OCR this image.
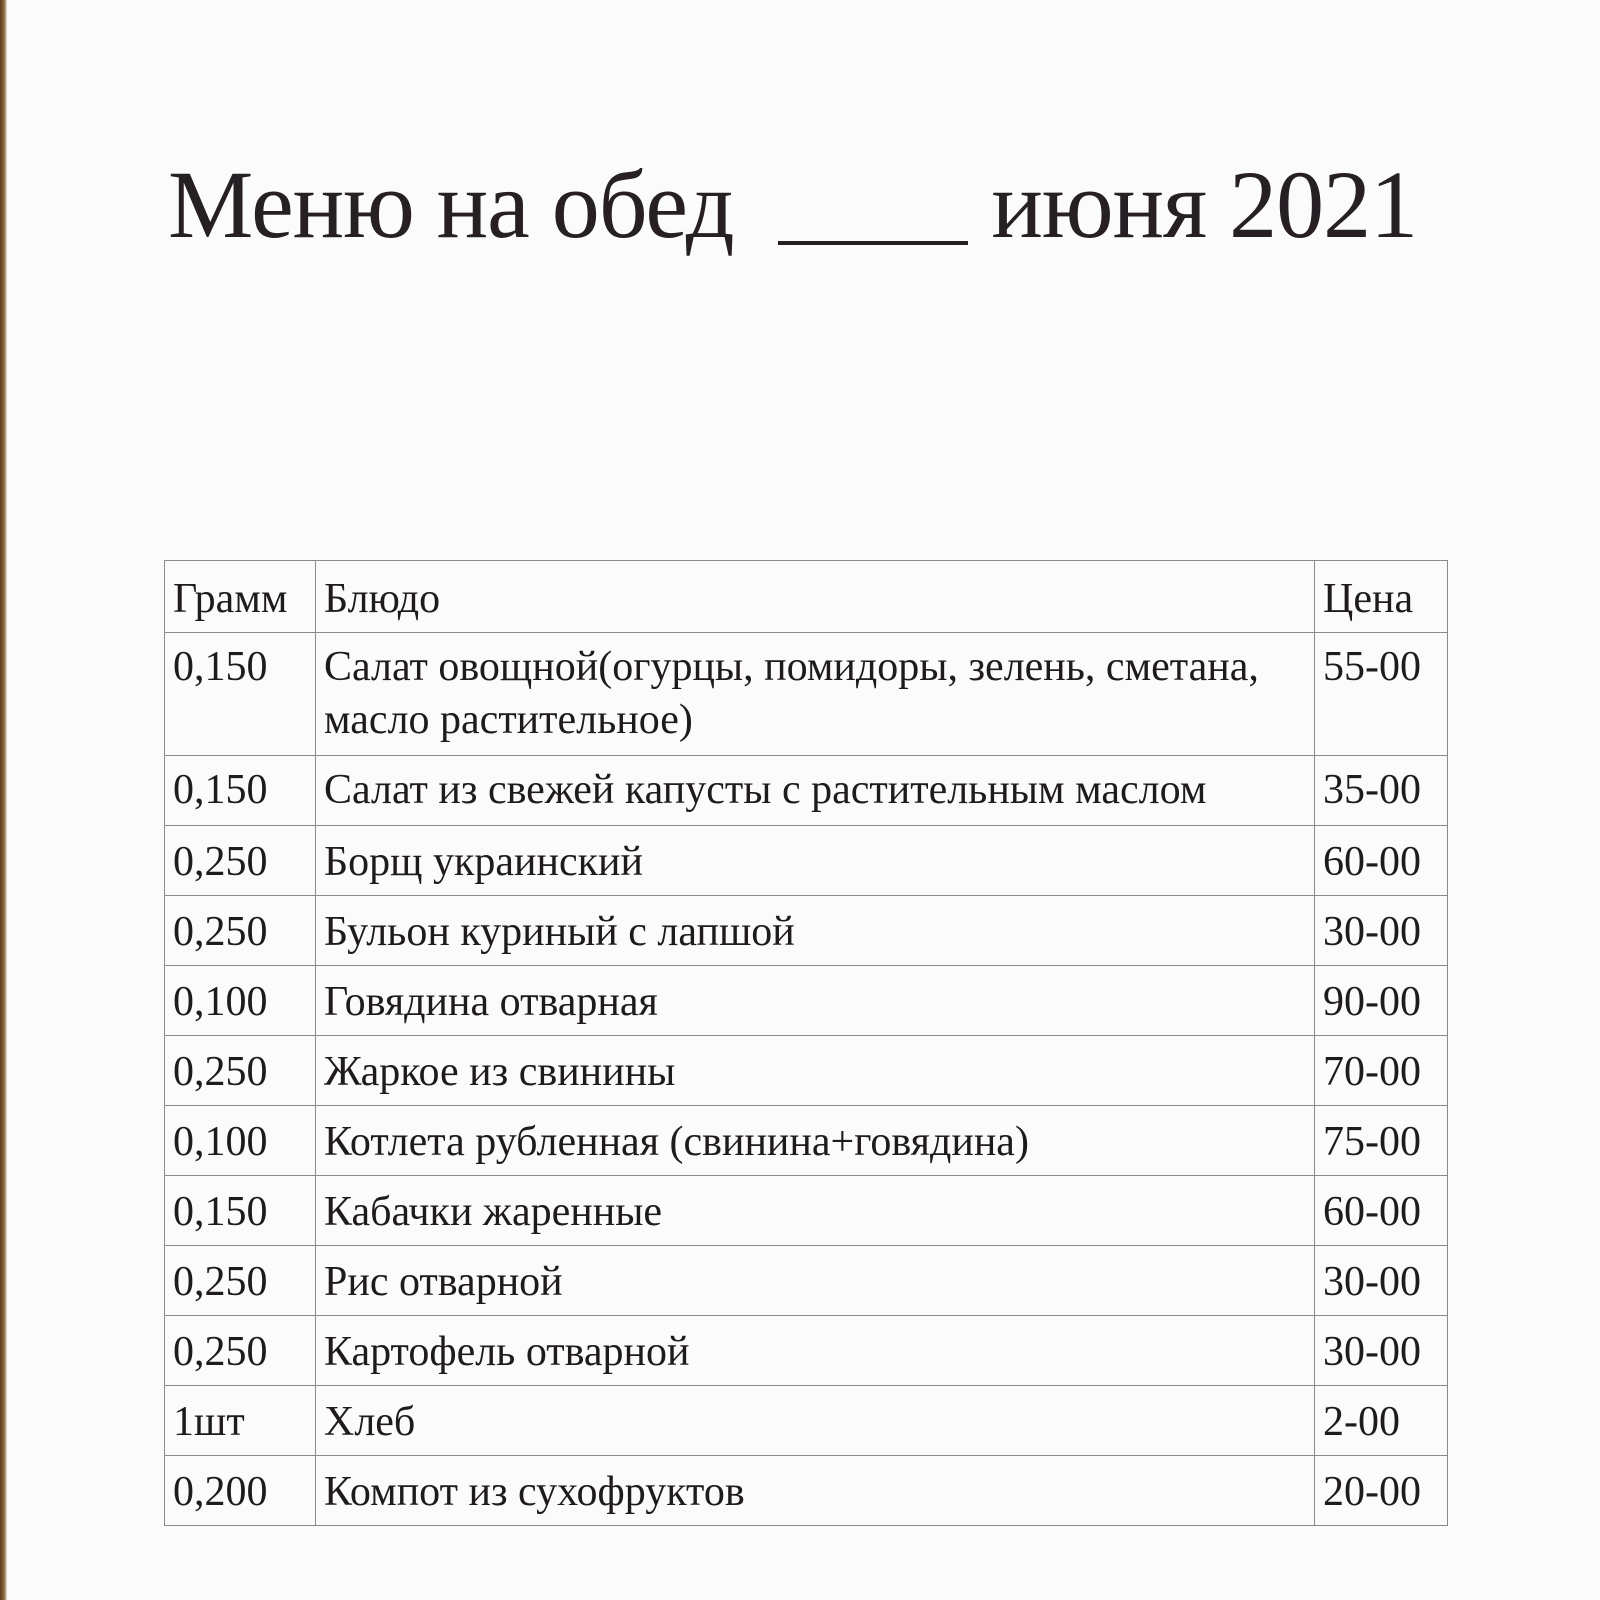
Меню на обед	июня 2021
Грамм	Блюдо	Цена
0,150	Салат овощной(огурцы, помидоры, зелень, сметана, масло растительное)	55-00
0,150	Салат из свежей капусты с растительным маслом	35-00
0,250	Борщ украинский	60-00
0,250	Бульон куриный с лапшой	30-00
0,100	Говядина отварная	90-00
0,250	Жаркое из свинины	70-00
0,100	Котлета рубленная (свинина+говядина)	75-00
0,150	Кабачки жаренные	60-00
0,250	Рис отварной	30-00
0,250	Картофель отварной	30-00
1шт	Хлеб	2-00
0,200	Компот из сухофруктов	20-00
